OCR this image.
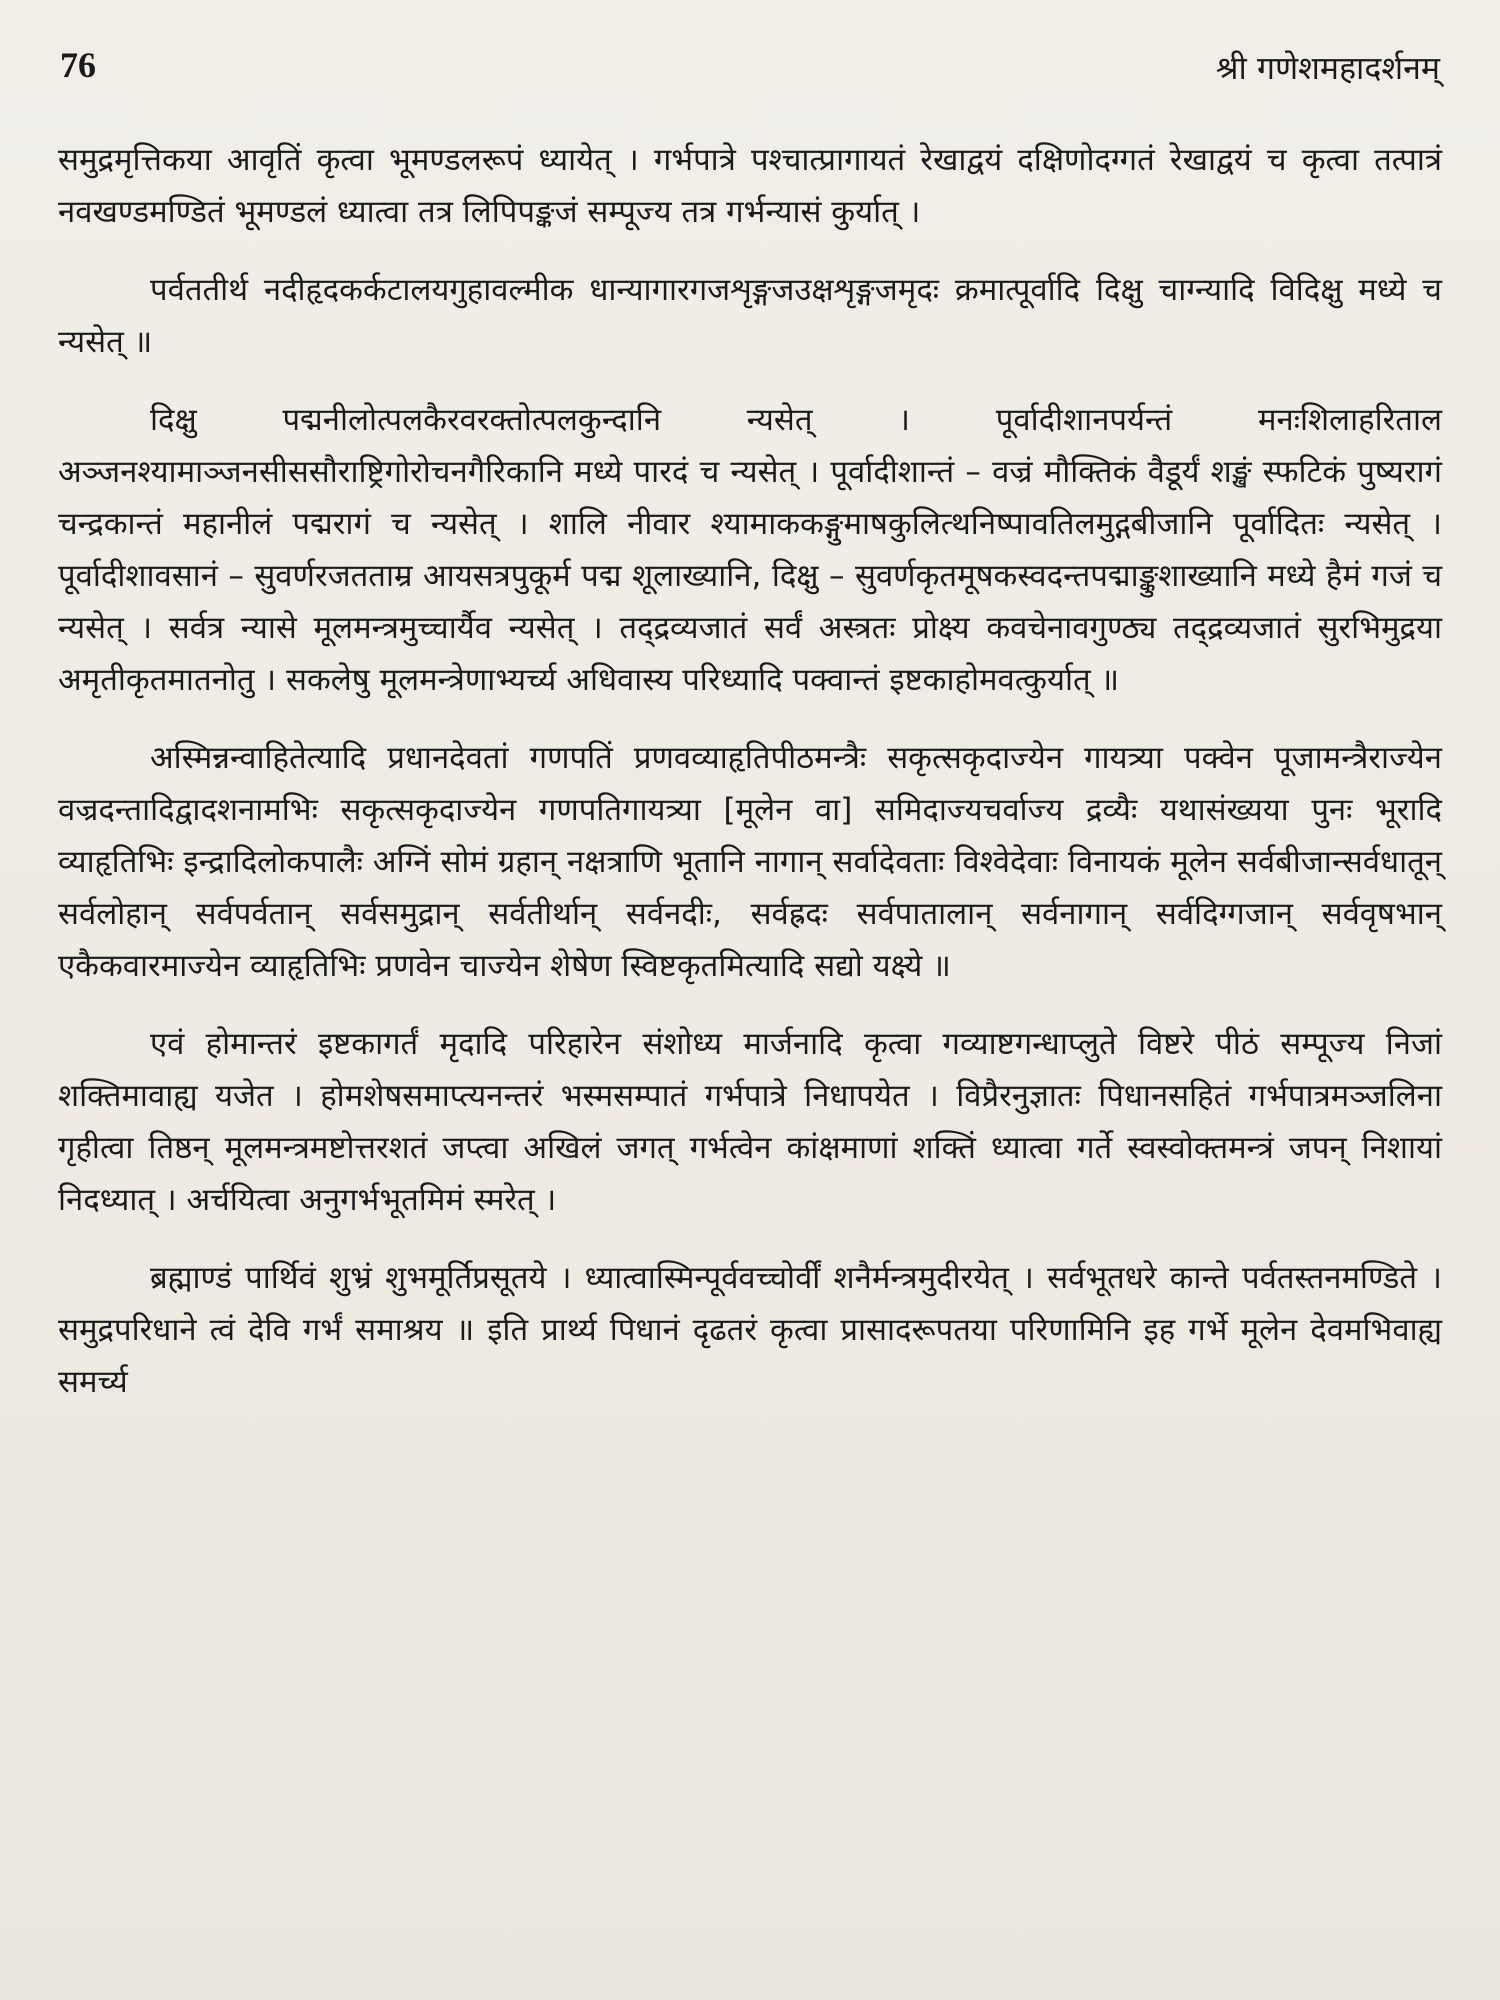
76	श्री गणेशमहादर्शनम्

समुद्रमृत्तिकया आवृतिं कृत्वा भूमण्डलरूपं ध्यायेत् । गर्भपात्रे पश्चात्प्रागायतं रेखाद्वयं दक्षिणोदग्गतं रेखाद्वयं च कृत्वा तत्पात्रं नवखण्डमण्डितं भूमण्डलं ध्यात्वा तत्र लिपिपङ्कजं सम्पूज्य तत्र गर्भन्यासं कुर्यात् ।

पर्वततीर्थ नदीहृदकर्कटालयगुहावल्मीक धान्यागारगजशृङ्गजउक्षशृङ्गजमृदः क्रमात्पूर्वादि दिक्षु चाग्न्यादि विदिक्षु मध्ये च न्यसेत् ॥

दिक्षु पद्मनीलोत्पलकैरवरक्तोत्पलकुन्दानि न्यसेत् । पूर्वादीशानपर्यन्तं मनःशिलाहरिताल अञ्जनश्यामाञ्जनसीससौराष्ट्रिगोरोचनगैरिकानि मध्ये पारदं च न्यसेत् । पूर्वादीशान्तं – वज्रं मौक्तिकं वैडूर्यं शङ्खं स्फटिकं पुष्यरागं चन्द्रकान्तं महानीलं पद्मरागं च न्यसेत् । शालि नीवार श्यामाककङ्गुमाषकुलित्थनिष्पावतिलमुद्गबीजानि पूर्वादितः न्यसेत् । पूर्वादीशावसानं – सुवर्णरजतताम्र आयसत्रपुकूर्म पद्म शूलाख्यानि, दिक्षु – सुवर्णकृतमूषकस्वदन्तपद्माङ्कुशाख्यानि मध्ये हैमं गजं च न्यसेत् । सर्वत्र न्यासे मूलमन्त्रमुच्चार्यैव न्यसेत् । तद्द्रव्यजातं सर्वं अस्त्रतः प्रोक्ष्य कवचेनावगुण्ठ्य तद्द्रव्यजातं सुरभिमुद्रया अमृतीकृतमातनोतु । सकलेषु मूलमन्त्रेणाभ्यर्च्य अधिवास्य परिध्यादि पक्वान्तं इष्टकाहोमवत्कुर्यात् ॥

अस्मिन्नन्वाहितेत्यादि प्रधानदेवतां गणपतिं प्रणवव्याहृतिपीठमन्त्रैः सकृत्सकृदाज्येन गायत्र्या पक्वेन पूजामन्त्रैराज्येन वज्रदन्तादिद्वादशनामभिः सकृत्सकृदाज्येन गणपतिगायत्र्या [मूलेन वा] समिदाज्यचर्वाज्य द्रव्यैः यथासंख्यया पुनः भूरादि व्याहृतिभिः इन्द्रादिलोकपालैः अग्निं सोमं ग्रहान् नक्षत्राणि भूतानि नागान् सर्वादेवताः विश्वेदेवाः विनायकं मूलेन सर्वबीजान्सर्वधातून् सर्वलोहान् सर्वपर्वतान् सर्वसमुद्रान् सर्वतीर्थान् सर्वनदीः, सर्वह्रदः सर्वपातालान् सर्वनागान् सर्वदिग्गजान् सर्ववृषभान् एकैकवारमाज्येन व्याहृतिभिः प्रणवेन चाज्येन शेषेण स्विष्टकृतमित्यादि सद्यो यक्ष्ये ॥

एवं होमान्तरं इष्टकागर्तं मृदादि परिहारेन संशोध्य मार्जनादि कृत्वा गव्याष्टगन्धाप्लुते विष्टरे पीठं सम्पूज्य निजां शक्तिमावाह्य यजेत । होमशेषसमाप्त्यनन्तरं भस्मसम्पातं गर्भपात्रे निधापयेत । विप्रैरनुज्ञातः पिधानसहितं गर्भपात्रमञ्जलिना गृहीत्वा तिष्ठन् मूलमन्त्रमष्टोत्तरशतं जप्त्वा अखिलं जगत् गर्भत्वेन कांक्षमाणां शक्तिं ध्यात्वा गर्ते स्वस्वोक्तमन्त्रं जपन् निशायां निदध्यात् । अर्चयित्वा अनुगर्भभूतमिमं स्मरेत् ।

ब्रह्माण्डं पार्थिवं शुभ्रं शुभमूर्तिप्रसूतये । ध्यात्वास्मिन्पूर्ववच्चोर्वीं शनैर्मन्त्रमुदीरयेत् । सर्वभूतधरे कान्ते पर्वतस्तनमण्डिते । समुद्रपरिधाने त्वं देवि गर्भं समाश्रय ॥ इति प्रार्थ्य पिधानं दृढतरं कृत्वा प्रासादरूपतया परिणामिनि इह गर्भे मूलेन देवमभिवाह्य समर्च्य
